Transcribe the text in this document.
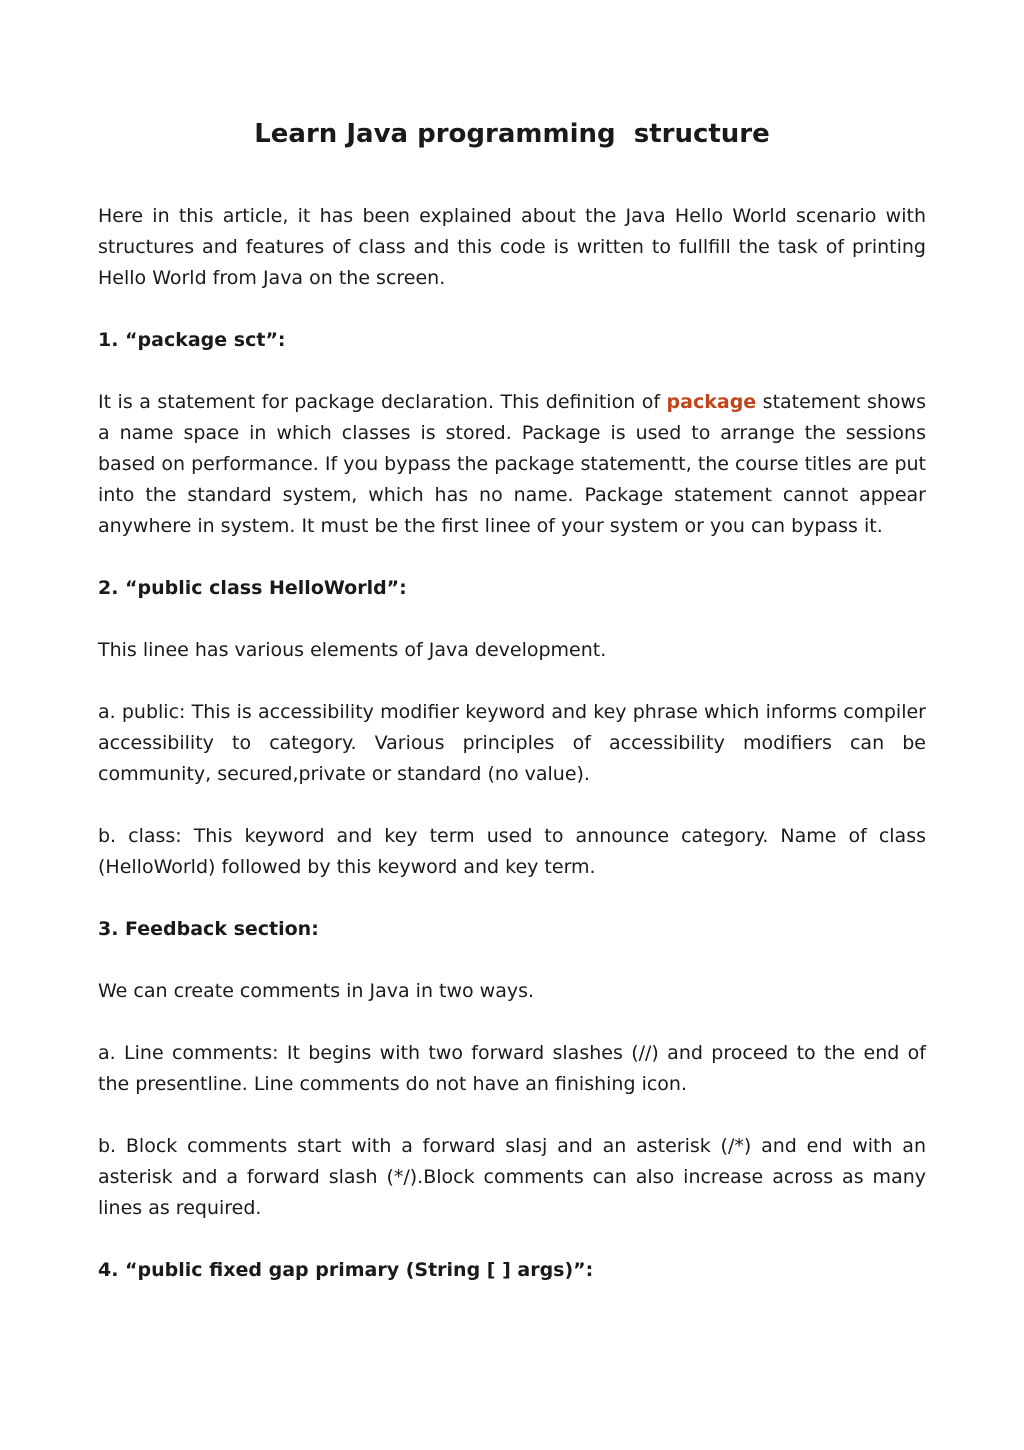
Learn Java programming  structure

Here in this article, it has been explained about the Java Hello World scenario with structures and features of class and this code is written to fullfill the task of printing Hello World from Java on the screen.

1. “package sct”:

It is a statement for package declaration. This definition of package statement shows a name space in which classes is stored. Package is used to arrange the sessions based on performance. If you bypass the package statementt, the course titles are put into the standard system, which has no name. Package statement cannot appear anywhere in system. It must be the first linee of your system or you can bypass it.

2. “public class HelloWorld”:

This linee has various elements of Java development.

a. public: This is accessibility modifier keyword and key phrase which informs compiler accessibility to category. Various principles of accessibility modifiers can be community, secured,private or standard (no value).

b. class: This keyword and key term used to announce category. Name of class (HelloWorld) followed by this keyword and key term.

3. Feedback section:

We can create comments in Java in two ways.

a. Line comments: It begins with two forward slashes (//) and proceed to the end of the presentline. Line comments do not have an finishing icon.

b. Block comments start with a forward slasj and an asterisk (/*) and end with an asterisk and a forward slash (*/).Block comments can also increase across as many lines as required.

4. “public fixed gap primary (String [ ] args)”:
